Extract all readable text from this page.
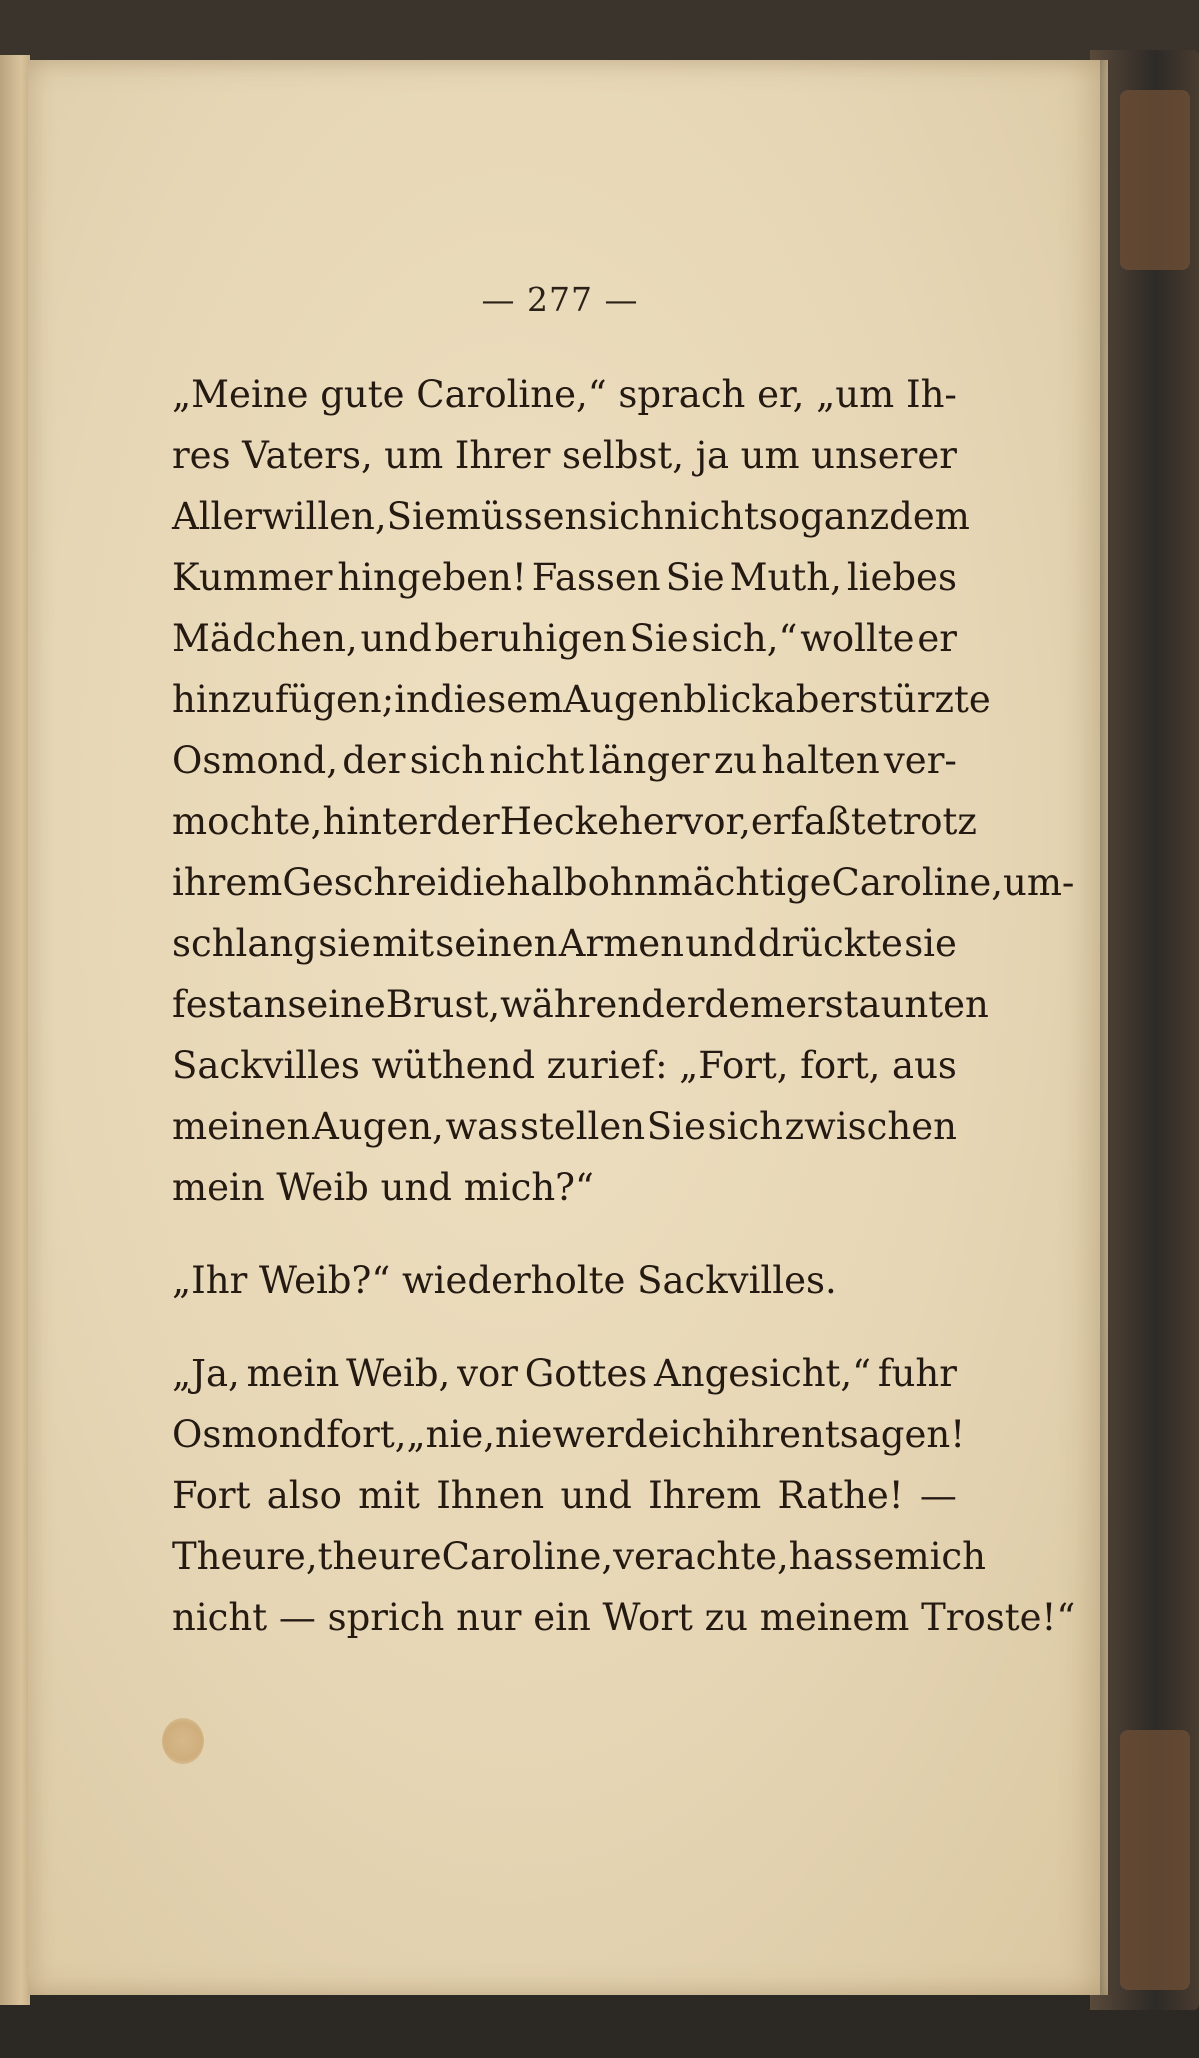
— 277 —
„Meine gute Caroline,“ sprach er, „um Ih-
res Vaters, um Ihrer selbst, ja um unserer
Aller willen, Sie müssen sich nicht so ganz dem
Kummer hingeben! Fassen Sie Muth, liebes
Mädchen, und beruhigen Sie sich,“ wollte er
hinzufügen; in diesem Augenblick aber stürzte
Osmond, der sich nicht länger zu halten ver-
mochte, hinter der Hecke hervor, erfaßte trotz
ihrem Geschrei die halbohnmächtige Caroline, um-
schlang sie mit seinen Armen und drückte sie
fest an seine Brust, während er dem erstaunten
Sackvilles wüthend zurief: „Fort, fort, aus
meinen Augen, was stellen Sie sich zwischen
mein Weib und mich?“
„Ihr Weib?“ wiederholte Sackvilles.
„Ja, mein Weib, vor Gottes Angesicht,“ fuhr
Osmond fort, „nie, nie werde ich ihr entsagen!
Fort also mit Ihnen und Ihrem Rathe! —
Theure, theure Caroline, verachte, hasse mich
nicht — sprich nur ein Wort zu meinem Troste!“
